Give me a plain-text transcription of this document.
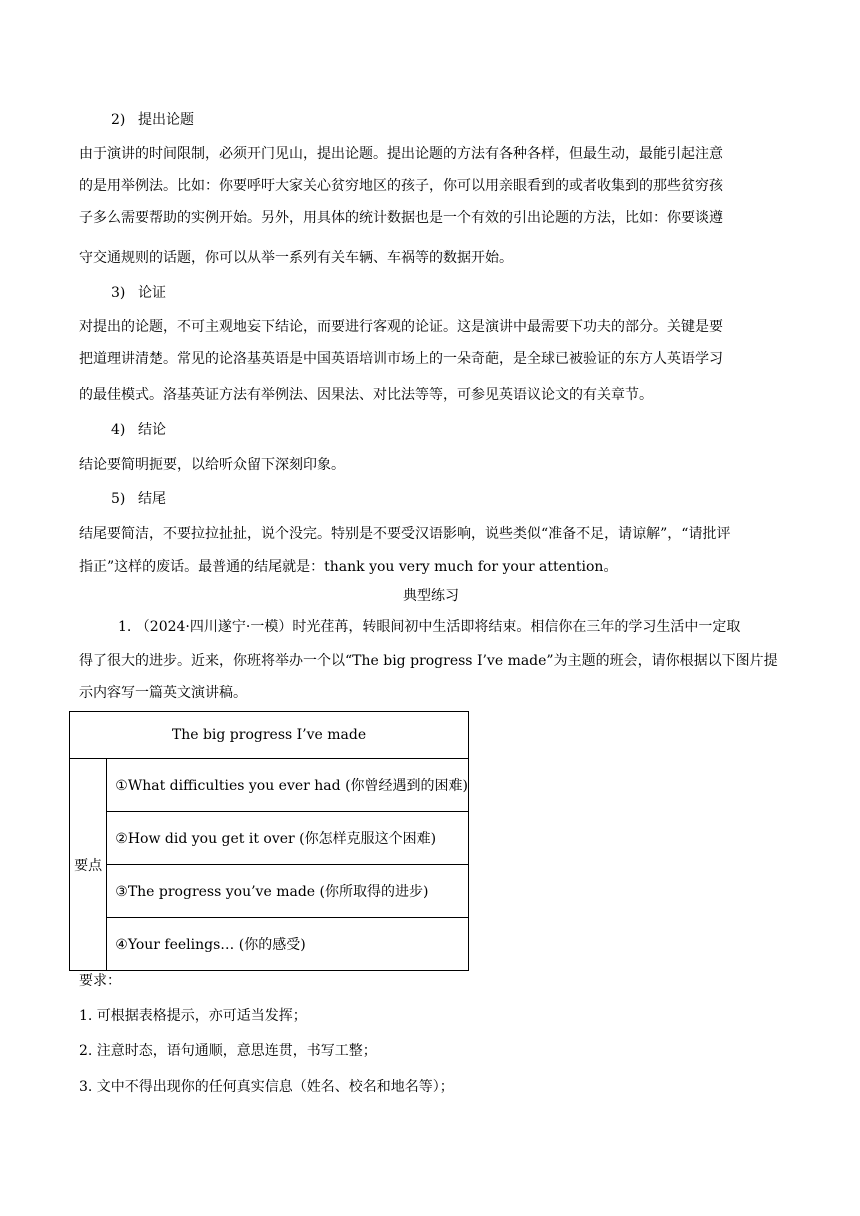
2) 提出论题

由于演讲的时间限制，必须开门见山，提出论题。提出论题的方法有各种各样，但最生动，最能引起注意

的是用举例法。比如：你要呼吁大家关心贫穷地区的孩子，你可以用亲眼看到的或者收集到的那些贫穷孩

子多么需要帮助的实例开始。另外，用具体的统计数据也是一个有效的引出论题的方法，比如：你要谈遵

守交通规则的话题，你可以从举一系列有关车辆、车祸等的数据开始。

3) 论证

对提出的论题，不可主观地妄下结论，而要进行客观的论证。这是演讲中最需要下功夫的部分。关键是要

把道理讲清楚。常见的论洛基英语是中国英语培训市场上的一朵奇葩，是全球已被验证的东方人英语学习

的最佳模式。洛基英证方法有举例法、因果法、对比法等等，可参见英语议论文的有关章节。

4) 结论

结论要简明扼要，以给听众留下深刻印象。

5) 结尾

结尾要简洁，不要拉拉扯扯，说个没完。特别是不要受汉语影响，说些类似“准备不足，请谅解”，“请批评

指正”这样的废话。最普通的结尾就是：thank you very much for your attention。

典型练习

1. （2024·四川遂宁·一模）时光荏苒，转眼间初中生活即将结束。相信你在三年的学习生活中一定取

得了很大的进步。近来，你班将举办一个以“The big progress I’ve made”为主题的班会，请你根据以下图片提

示内容写一篇英文演讲稿。

The big progress I’ve made
要点	①What difficulties you ever had (你曾经遇到的困难)
②How did you get it over (你怎样克服这个困难)
③The progress you’ve made (你所取得的进步)
④Your feelings… (你的感受)

要求：

1. 可根据表格提示，亦可适当发挥；

2. 注意时态，语句通顺，意思连贯，书写工整；

3. 文中不得出现你的任何真实信息（姓名、校名和地名等）；
